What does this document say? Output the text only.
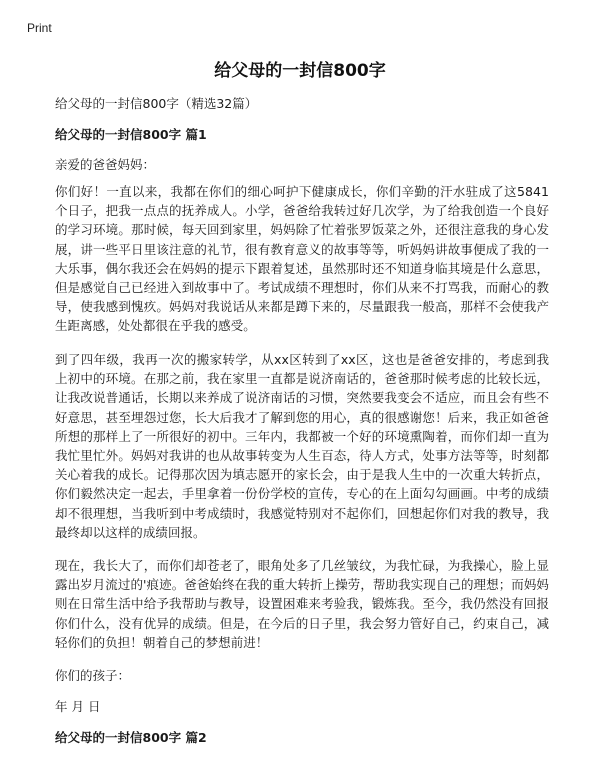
Print
给父母的一封信800字
给父母的一封信800字（精选32篇）
给父母的一封信800字 篇1
亲爱的爸爸妈妈：
你们好！一直以来，我都在你们的细心呵护下健康成长，你们辛勤的汗水驻成了这5841个日子，把我一点点的抚养成人。小学，爸爸给我转过好几次学，为了给我创造一个良好的学习环境。那时候，每天回到家里，妈妈除了忙着张罗饭菜之外，还很注意我的身心发展，讲一些平日里该注意的礼节，很有教育意义的故事等等，听妈妈讲故事便成了我的一大乐事，偶尔我还会在妈妈的提示下跟着复述，虽然那时还不知道身临其境是什么意思，但是感觉自己已经进入到故事中了。考试成绩不理想时，你们从来不打骂我，而耐心的教导，使我感到愧疚。妈妈对我说话从来都是蹲下来的，尽量跟我一般高，那样不会使我产生距离感，处处都很在乎我的感受。
到了四年级，我再一次的搬家转学，从xx区转到了xx区，这也是爸爸安排的，考虑到我上初中的环境。在那之前，我在家里一直都是说济南话的，爸爸那时候考虑的比较长远，让我改说普通话，长期以来养成了说济南话的习惯，突然要我变会不适应，而且会有些不好意思，甚至埋怨过您，长大后我才了解到您的用心，真的很感谢您！后来，我正如爸爸所想的那样上了一所很好的初中。三年内，我都被一个好的环境熏陶着，而你们却一直为我忙里忙外。妈妈对我讲的也从故事转变为人生百态，待人方式，处事方法等等，时刻都关心着我的成长。记得那次因为填志愿开的家长会，由于是我人生中的一次重大转折点，你们毅然决定一起去，手里拿着一份份学校的宣传，专心的在上面勾勾画画。中考的成绩却不很理想，当我听到中考成绩时，我感觉特别对不起你们，回想起你们对我的教导，我最终却以这样的成绩回报。
现在，我长大了，而你们却苍老了，眼角处多了几丝皱纹，为我忙碌，为我操心，脸上显露出岁月流过的'痕迹。爸爸始终在我的重大转折上操劳，帮助我实现自己的理想；而妈妈则在日常生活中给予我帮助与教导，设置困难来考验我，锻炼我。至今，我仍然没有回报你们什么，没有优异的成绩。但是，在今后的日子里，我会努力管好自己，约束自己，减轻你们的负担！朝着自己的梦想前进！
你们的孩子：
年 月 日
给父母的一封信800字 篇2
